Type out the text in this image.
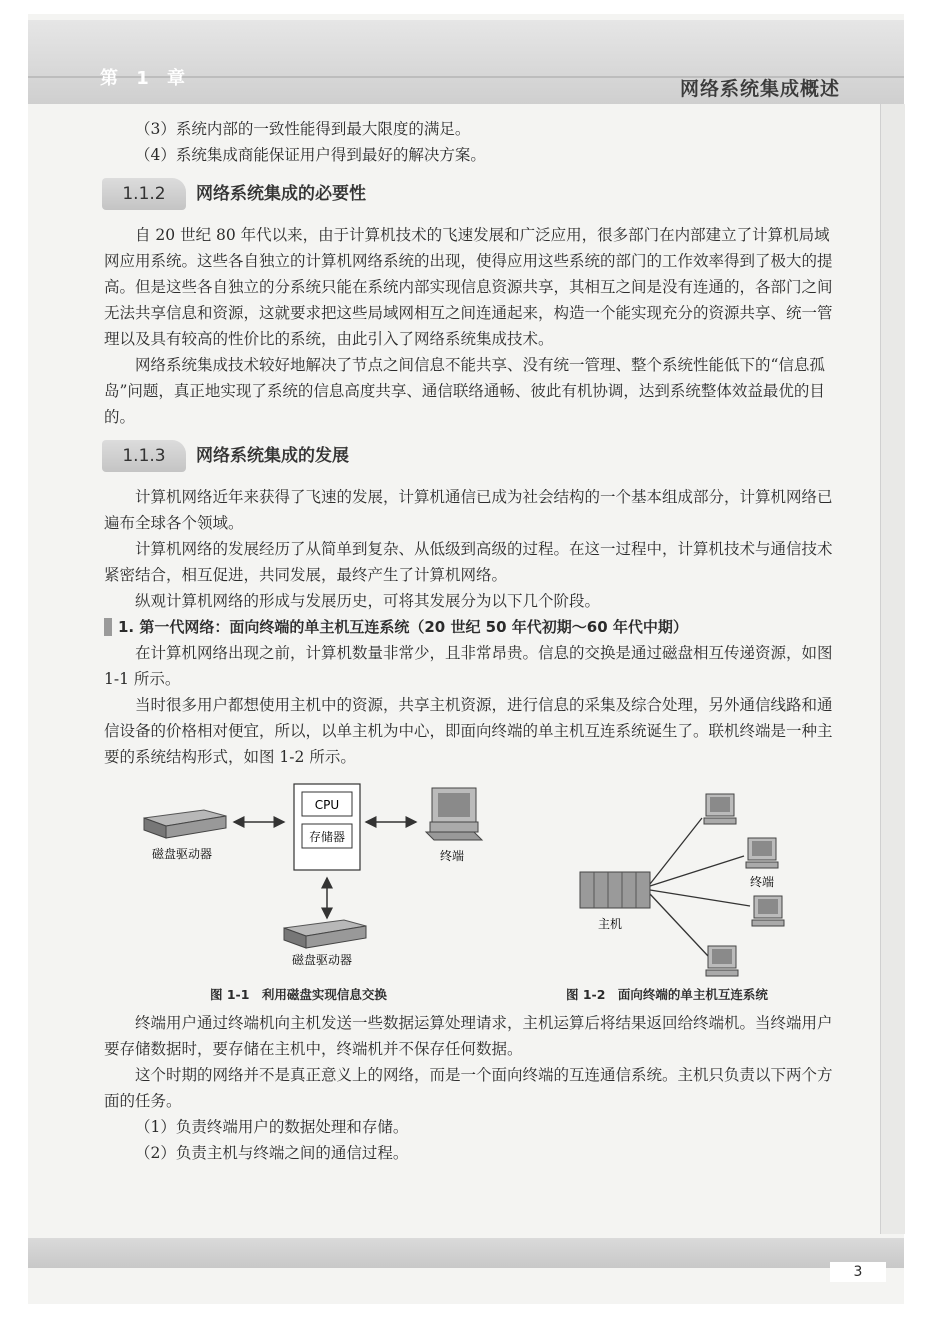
第 1 章	网络系统集成概述

（3）系统内部的一致性能得到最大限度的满足。

（4）系统集成商能保证用户得到最好的解决方案。

1.1.2	网络系统集成的必要性

自 20 世纪 80 年代以来，由于计算机技术的飞速发展和广泛应用，很多部门在内部建立了计算机局域网应用系统。这些各自独立的计算机网络系统的出现，使得应用这些系统的部门的工作效率得到了极大的提高。但是这些各自独立的分系统只能在系统内部实现信息资源共享，其相互之间是没有连通的，各部门之间无法共享信息和资源，这就要求把这些局域网相互之间连通起来，构造一个能实现充分的资源共享、统一管理以及具有较高的性价比的系统，由此引入了网络系统集成技术。

网络系统集成技术较好地解决了节点之间信息不能共享、没有统一管理、整个系统性能低下的“信息孤岛”问题，真正地实现了系统的信息高度共享、通信联络通畅、彼此有机协调，达到系统整体效益最优的目的。

1.1.3	网络系统集成的发展

计算机网络近年来获得了飞速的发展，计算机通信已成为社会结构的一个基本组成部分，计算机网络已遍布全球各个领域。

计算机网络的发展经历了从简单到复杂、从低级到高级的过程。在这一过程中，计算机技术与通信技术紧密结合，相互促进，共同发展，最终产生了计算机网络。

纵观计算机网络的形成与发展历史，可将其发展分为以下几个阶段。

1. 第一代网络：面向终端的单主机互连系统（20 世纪 50 年代初期～60 年代中期）

在计算机网络出现之前，计算机数量非常少，且非常昂贵。信息的交换是通过磁盘相互传递资源，如图 1-1 所示。

当时很多用户都想使用主机中的资源，共享主机资源，进行信息的采集及综合处理，另外通信线路和通信设备的价格相对便宜，所以，以单主机为中心，即面向终端的单主机互连系统诞生了。联机终端是一种主要的系统结构形式，如图 1-2 所示。

磁盘驱动器
CPU
存储器
终端
磁盘驱动器
图 1-1　利用磁盘实现信息交换
主机
终端
图 1-2　面向终端的单主机互连系统

终端用户通过终端机向主机发送一些数据运算处理请求，主机运算后将结果返回给终端机。当终端用户要存储数据时，要存储在主机中，终端机并不保存任何数据。

这个时期的网络并不是真正意义上的网络，而是一个面向终端的互连通信系统。主机只负责以下两个方面的任务。

（1）负责终端用户的数据处理和存储。

（2）负责主机与终端之间的通信过程。

3
